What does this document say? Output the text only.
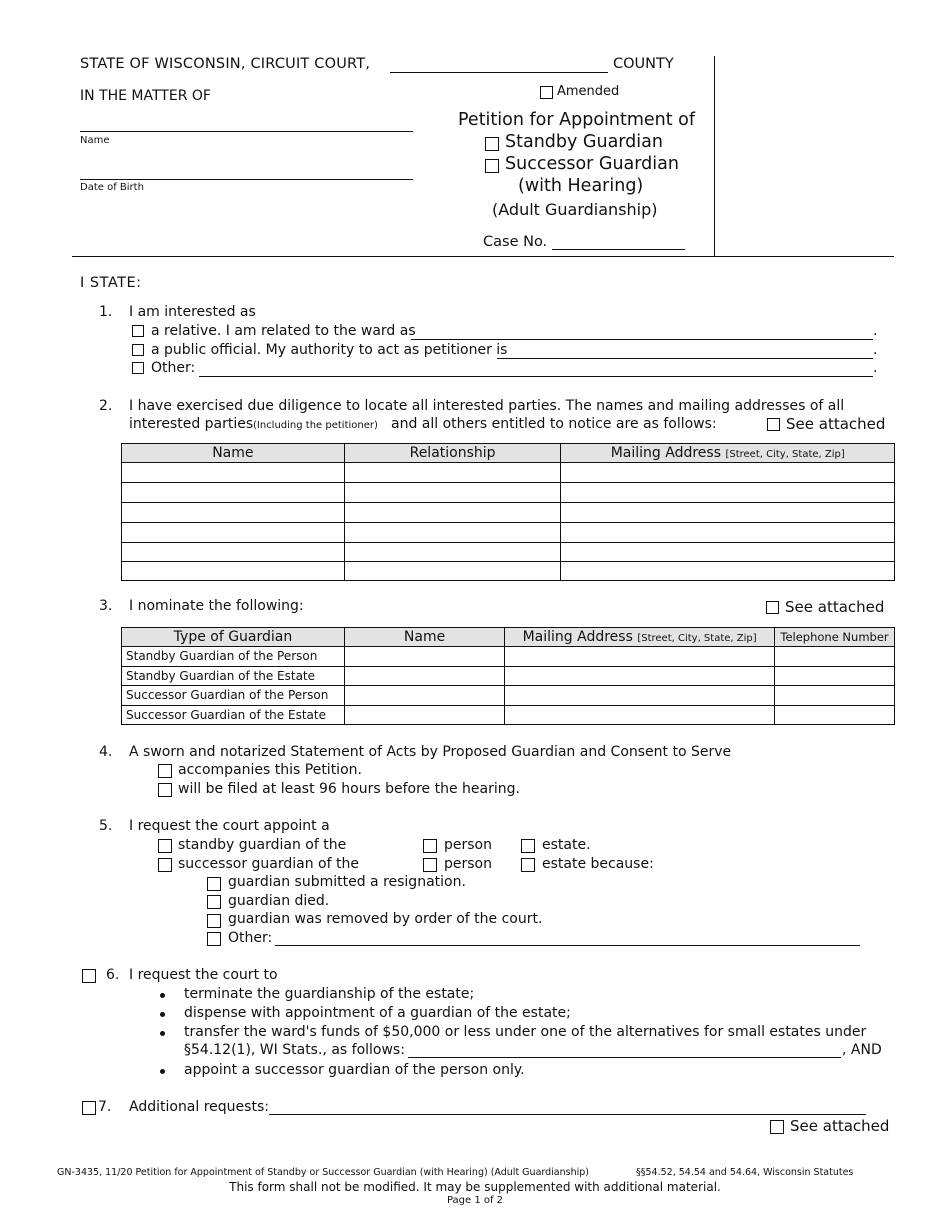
STATE OF WISCONSIN, CIRCUIT COURT,	COUNTY
IN THE MATTER OF
Name
Date of Birth
Amended
Petition for Appointment of
Standby Guardian
Successor Guardian
(with Hearing)
(Adult Guardianship)
Case No.
I STATE:
1. I am interested as
a relative. I am related to the ward as	.
a public official. My authority to act as petitioner is	.
Other:	.
2. I have exercised due diligence to locate all interested parties. The names and mailing addresses of all
interested parties (Including the petitioner) and all others entitled to notice are as follows:	See attached
Name	Relationship	Mailing Address [Street, City, State, Zip]

3. I nominate the following:	See attached
Type of Guardian	Name	Mailing Address [Street, City, State, Zip]	Telephone Number
Standby Guardian of the Person			
Standby Guardian of the Estate			
Successor Guardian of the Person			
Successor Guardian of the Estate			
4. A sworn and notarized Statement of Acts by Proposed Guardian and Consent to Serve
accompanies this Petition.
will be filed at least 96 hours before the hearing.
5. I request the court appoint a
standby guardian of the	person	estate.
successor guardian of the	person	estate because:
guardian submitted a resignation.
guardian died.
guardian was removed by order of the court.
Other:
6. I request the court to
terminate the guardianship of the estate;
dispense with appointment of a guardian of the estate;
transfer the ward's funds of $50,000 or less under one of the alternatives for small estates under
§54.12(1), WI Stats., as follows:	, AND
appoint a successor guardian of the person only.
7. Additional requests:
See attached
GN-3435, 11/20 Petition for Appointment of Standby or Successor Guardian (with Hearing) (Adult Guardianship)	§§54.52, 54.54 and 54.64, Wisconsin Statutes
This form shall not be modified. It may be supplemented with additional material.
Page 1 of 2
